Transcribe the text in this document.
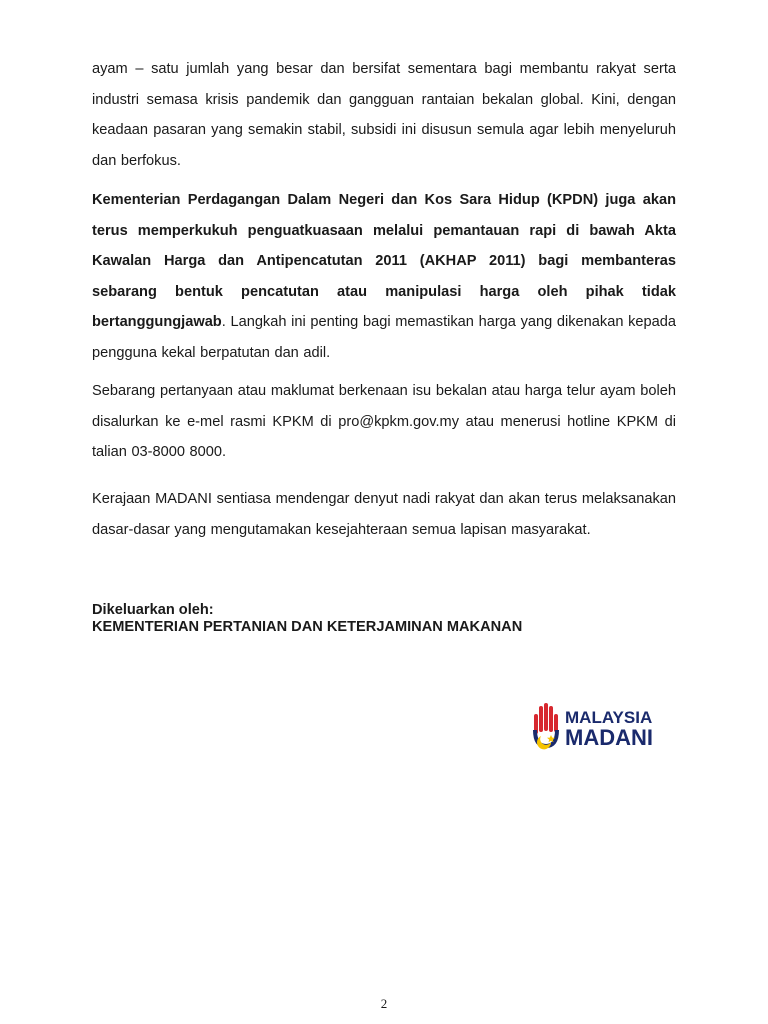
ayam – satu jumlah yang besar dan bersifat sementara bagi membantu rakyat serta industri semasa krisis pandemik dan gangguan rantaian bekalan global. Kini, dengan keadaan pasaran yang semakin stabil, subsidi ini disusun semula agar lebih menyeluruh dan berfokus.

Kementerian Perdagangan Dalam Negeri dan Kos Sara Hidup (KPDN) juga akan terus memperkukuh penguatkuasaan melalui pemantauan rapi di bawah Akta Kawalan Harga dan Antipencatutan 2011 (AKHAP 2011) bagi membanteras sebarang bentuk pencatutan atau manipulasi harga oleh pihak tidak bertanggungjawab. Langkah ini penting bagi memastikan harga yang dikenakan kepada pengguna kekal berpatutan dan adil.

Sebarang pertanyaan atau maklumat berkenaan isu bekalan atau harga telur ayam boleh disalurkan ke e-mel rasmi KPKM di pro@kpkm.gov.my atau menerusi hotline KPKM di talian 03-8000 8000.

Kerajaan MADANI sentiasa mendengar denyut nadi rakyat dan akan terus melaksanakan dasar-dasar yang mengutamakan kesejahteraan semua lapisan masyarakat.

Dikeluarkan oleh:
KEMENTERIAN PERTANIAN DAN KETERJAMINAN MAKANAN
MALAYSIA
MADANI
2
